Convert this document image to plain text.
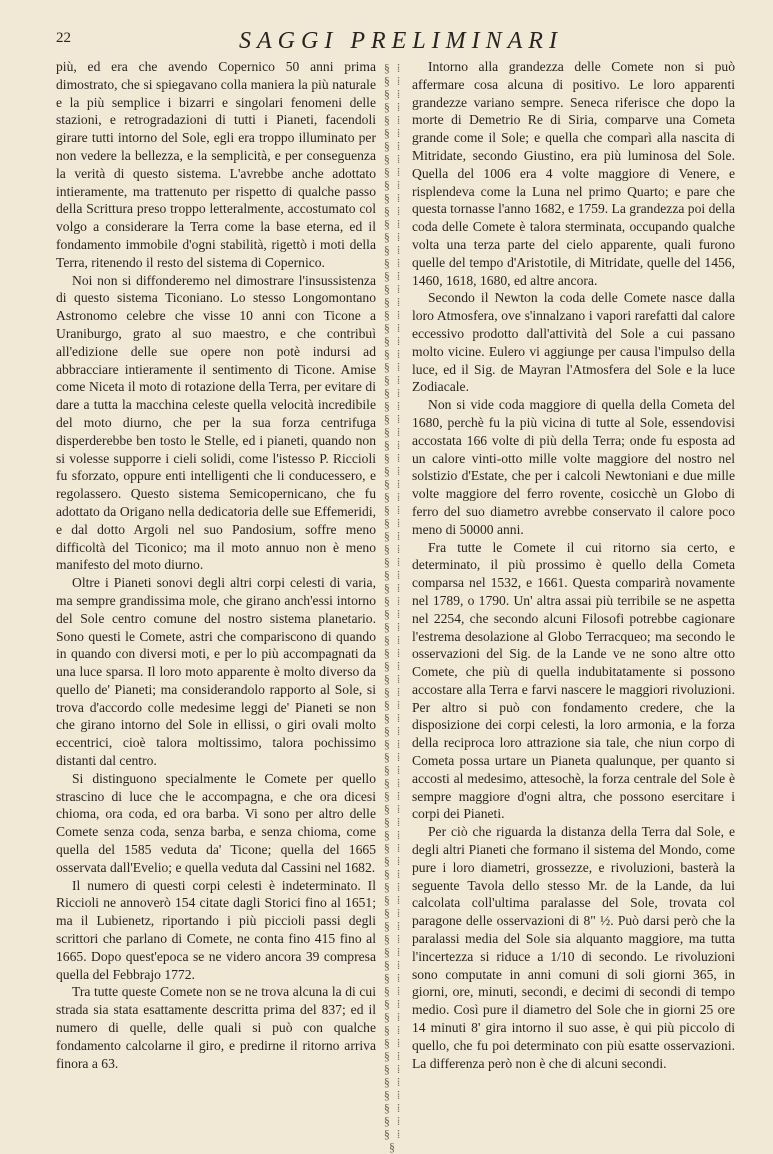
22	SAGGI PRELIMINARI

più, ed era che avendo Copernico 50 anni prima dimostrato, che si spiegavano colla maniera la più naturale e la più semplice i bizarri e singolari fenomeni delle stazioni, e retrogradazioni di tutti i Pianeti, facendoli girare tutti intorno del Sole, egli era troppo illuminato per non vedere la bellezza, e la semplicità, e per conseguenza la verità di questo sistema. L'avrebbe anche adottato intieramente, ma trattenuto per rispetto di qualche passo della Scrittura preso troppo letteralmente, accostumato col volgo a considerare la Terra come la base eterna, ed il fondamento immobile d'ogni stabilità, rigettò i moti della Terra, ritenendo il resto del sistema di Copernico.

Noi non si diffonderemo nel dimostrare l'insussistenza di questo sistema Ticoniano. Lo stesso Longomontano Astronomo celebre che visse 10 anni con Ticone a Uraniburgo, grato al suo maestro, e che contribuì all'edizione delle sue opere non potè indursi ad abbracciare intieramente il sentimento di Ticone. Amise come Niceta il moto di rotazione della Terra, per evitare di dare a tutta la macchina celeste quella velocità incredibile del moto diurno, che per la sua forza centrifuga disperderebbe ben tosto le Stelle, ed i pianeti, quando non si volesse supporre i cieli solidi, come l'istesso P. Riccioli fu sforzato, oppure enti intelligenti che li conducessero, e regolassero. Questo sistema Semicopernicano, che fu adottato da Origano nella dedicatoria delle sue Effemeridi, e dal dotto Argoli nel suo Pandosium, soffre meno difficoltà del Ticonico; ma il moto annuo non è meno manifesto del moto diurno.

Oltre i Pianeti sonovi degli altri corpi celesti di varia, ma sempre grandissima mole, che girano anch'essi intorno del Sole centro comune del nostro sistema planetario. Sono questi le Comete, astri che compariscono di quando in quando con diversi moti, e per lo più accompagnati da una luce sparsa. Il loro moto apparente è molto diverso da quello de' Pianeti; ma considerandolo rapporto al Sole, si trova d'accordo colle medesime leggi de' Pianeti se non che girano intorno del Sole in ellissi, o giri ovali molto eccentrici, cioè talora moltissimo, talora pochissimo distanti dal centro.

Si distinguono specialmente le Comete per quello strascino di luce che le accompagna, e che ora dicesi chioma, ora coda, ed ora barba. Vi sono per altro delle Comete senza coda, senza barba, e senza chioma, come quella del 1585 veduta da' Ticone; quella del 1665 osservata dall'Evelio; e quella veduta dal Cassini nel 1682.

Il numero di questi corpi celesti è indeterminato. Il Riccioli ne annoverò 154 citate dagli Storici fino al 1651; ma il Lubienetz, riportando i più piccioli passi degli scrittori che parlano di Comete, ne conta fino 415 fino al 1665. Dopo quest'epoca se ne videro ancora 39 compresa quella del Febbrajo 1772.

Tra tutte queste Comete non se ne trova alcuna la di cui strada sia stata esattamente descritta prima del 837; ed il numero di quelle, delle quali si può con qualche fondamento calcolarne il giro, e predirne il ritorno arriva finora a 63.

§ ⁞ § ⁞ § ⁞ § ⁞ § ⁞ § ⁞ § ⁞ § ⁞ § ⁞ § ⁞ § ⁞ § ⁞ § ⁞ § ⁞ § ⁞ § ⁞ § ⁞ § ⁞ § ⁞ § ⁞ § ⁞ § ⁞ § ⁞ § ⁞ § ⁞ § ⁞ § ⁞ § ⁞ § ⁞ § ⁞ § ⁞ § ⁞ § ⁞ § ⁞ § ⁞ § ⁞ § ⁞ § ⁞ § ⁞ § ⁞ § ⁞ § ⁞ § ⁞ § ⁞ § ⁞ § ⁞ § ⁞ § ⁞ § ⁞ § ⁞ § ⁞ § ⁞ § ⁞ § ⁞ § ⁞ § ⁞ § ⁞ § ⁞ § ⁞ § ⁞ § ⁞ § ⁞ § ⁞ § ⁞ § ⁞ § ⁞ § ⁞ § ⁞ § ⁞ § ⁞ § ⁞ § ⁞ § ⁞ § ⁞ § ⁞ § ⁞ § ⁞ § ⁞ § ⁞ § ⁞ § ⁞ § ⁞ § ⁞ §

Intorno alla grandezza delle Comete non si può affermare cosa alcuna di positivo. Le loro apparenti grandezze variano sempre. Seneca riferisce che dopo la morte di Demetrio Re di Siria, comparve una Cometa grande come il Sole; e quella che comparì alla nascita di Mitridate, secondo Giustino, era più luminosa del Sole. Quella del 1006 era 4 volte maggiore di Venere, e risplendeva come la Luna nel primo Quarto; e pare che questa tornasse l'anno 1682, e 1759. La grandezza poi della coda delle Comete è talora sterminata, occupando qualche volta una terza parte del cielo apparente, quali furono quelle del tempo d'Aristotile, di Mitridate, quelle del 1456, 1460, 1618, 1680, ed altre ancora.

Secondo il Newton la coda delle Comete nasce dalla loro Atmosfera, ove s'innalzano i vapori rarefatti dal calore eccessivo prodotto dall'attività del Sole a cui passano molto vicine. Eulero vi aggiunge per causa l'impulso della luce, ed il Sig. de Mayran l'Atmosfera del Sole e la luce Zodiacale.

Non si vide coda maggiore di quella della Cometa del 1680, perchè fu la più vicina di tutte al Sole, essendovisi accostata 166 volte di più della Terra; onde fu esposta ad un calore vinti-otto mille volte maggiore del nostro nel solstizio d'Estate, che per i calcoli Newtoniani e due mille volte maggiore del ferro rovente, cosicchè un Globo di ferro del suo diametro avrebbe conservato il calore poco meno di 50000 anni.

Fra tutte le Comete il cui ritorno sia certo, e determinato, il più prossimo è quello della Cometa comparsa nel 1532, e 1661. Questa comparirà novamente nel 1789, o 1790. Un' altra assai più terribile se ne aspetta nel 2254, che secondo alcuni Filosofi potrebbe cagionare l'estrema desolazione al Globo Terracqueo; ma secondo le osservazioni del Sig. de la Lande ve ne sono altre otto Comete, che più di quella indubitatamente si possono accostare alla Terra e farvi nascere le maggiori rivoluzioni. Per altro si può con fondamento credere, che la disposizione dei corpi celesti, la loro armonia, e la forza della reciproca loro attrazione sia tale, che niun corpo di Cometa possa urtare un Pianeta qualunque, per quanto si accosti al medesimo, attesochè, la forza centrale del Sole è sempre maggiore d'ogni altra, che possono esercitare i corpi dei Pianeti.

Per ciò che riguarda la distanza della Terra dal Sole, e degli altri Pianeti che formano il sistema del Mondo, come pure i loro diametri, grossezze, e rivoluzioni, basterà la seguente Tavola dello stesso Mr. de la Lande, da lui calcolata coll'ultima paralasse del Sole, trovata col paragone delle osservazioni di 8" ½. Può darsi però che la paralassi media del Sole sia alquanto maggiore, ma tutta l'incertezza si riduce a 1/10 di secondo. Le rivoluzioni sono computate in anni comuni di soli giorni 365, in giorni, ore, minuti, secondi, e decimi di secondi di tempo medio. Così pure il diametro del Sole che in giorni 25 ore 14 minuti 8' gira intorno il suo asse, è qui più piccolo di quello, che fu poi determinato con più esatte osservazioni. La differenza però non è che di alcuni secondi.
